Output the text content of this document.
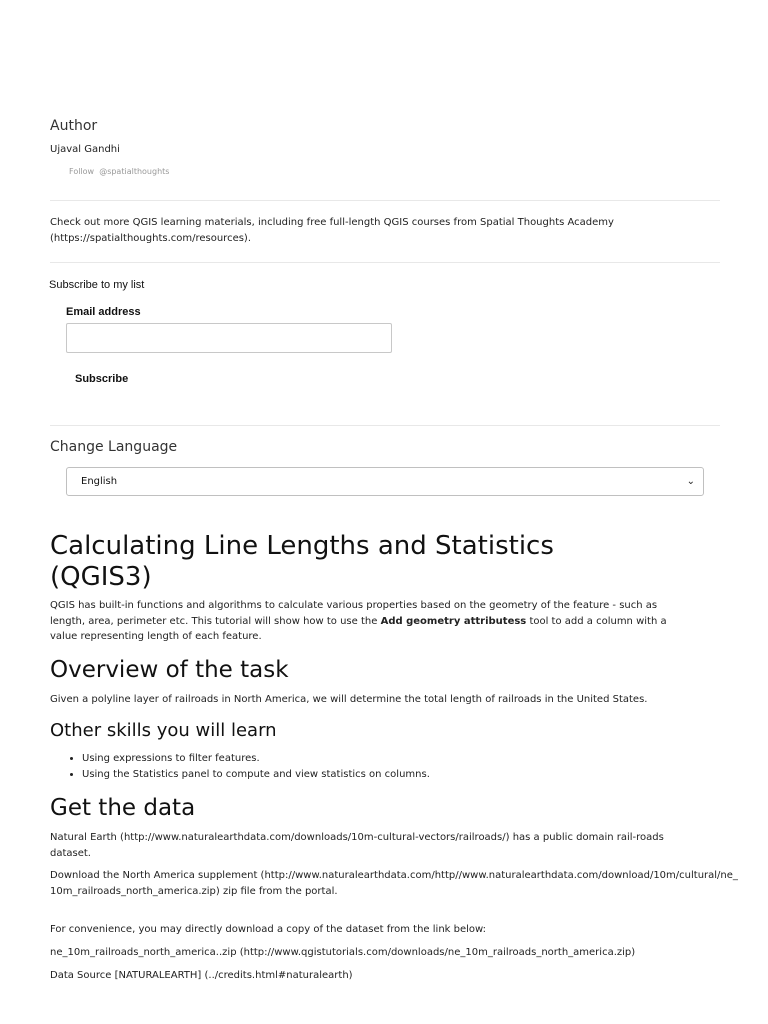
Author
Ujaval Gandhi
Follow @spatialthoughts
Check out more QGIS learning materials, including free full-length QGIS courses from Spatial Thoughts Academy (https://spatialthoughts.com/resources).
Subscribe to my list
Email address
Subscribe
Change Language
English	⌄
Calculating Line Lengths and Statistics (QGIS3)
QGIS has built-in functions and algorithms to calculate various properties based on the geometry of the feature - such as length, area, perimeter etc. This tutorial will show how to use the Add geometry attributess tool to add a column with a value representing length of each feature.
Overview of the task
Given a polyline layer of railroads in North America, we will determine the total length of railroads in the United States.
Other skills you will learn
• Using expressions to filter features.
• Using the Statistics panel to compute and view statistics on columns.
Get the data
Natural Earth (http://www.naturalearthdata.com/downloads/10m-cultural-vectors/railroads/) has a public domain rail-roads dataset.
Download the North America supplement (http://www.naturalearthdata.com/http//www.naturalearthdata.com/download/10m/cultural/ne_10m_railroads_north_america.zip) zip file from the portal.
For convenience, you may directly download a copy of the dataset from the link below:
ne_10m_railroads_north_america..zip (http://www.qgistutorials.com/downloads/ne_10m_railroads_north_america.zip)
Data Source [NATURALEARTH] (../credits.html#naturalearth)
